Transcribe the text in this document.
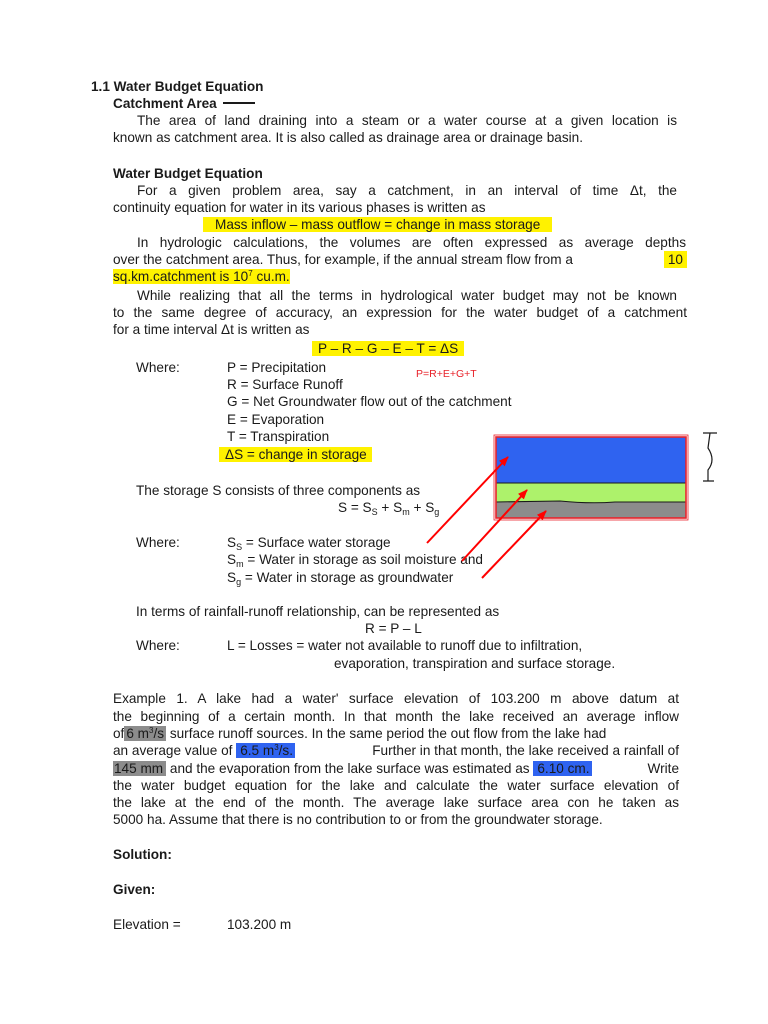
1.1 Water Budget Equation
Catchment Area
The area of land draining into a steam or a water course at a given location is
known as catchment area. It is also called as drainage area or drainage basin.
Water Budget Equation
For a given problem area, say a catchment, in an interval of time Δt, the
continuity equation for water in its various phases is written as
Mass inflow – mass outflow = change in mass storage
In hydrologic calculations, the volumes are often expressed as average depths
over the catchment area. Thus, for example, if the annual stream flow from a	10
sq.km.catchment is $10^7$ cu.m.
While realizing that all the terms in hydrological water budget may not be known
to the same degree of accuracy, an expression for the water budget of a catchment
for a time interval Δt is written as
P – R – G – E – T = ΔS
Where:	P = Precipitation	P=R+E+G+T
R = Surface Runoff
G = Net Groundwater flow out of the catchment
E = Evaporation
T = Transpiration
ΔS = change in storage
The storage S consists of three components as
$S = S_S + S_m + S_g$
Where:	$S_S$ = Surface water storage
$S_m$ = Water in storage as soil moisture and
$S_g$ = Water in storage as groundwater
In terms of rainfall-runoff relationship, can be represented as
R = P – L
Where:	L = Losses = water not available to runoff due to infiltration,
evaporation, transpiration and surface storage.
Example 1. A lake had a water' surface elevation of 103.200 m above datum at
the beginning of a certain month. In that month the lake received an average inflow
of 6 $m^3/s$ surface runoff sources. In the same period the out flow from the lake had
an average value of 6.5 $m^3/s$.	Further in that month, the lake received a rainfall of
145 mm and the evaporation from the lake surface was estimated as 6.10 cm.	Write
the water budget equation for the lake and calculate the water surface elevation of
the lake at the end of the month. The average lake surface area con he taken as
5000 ha. Assume that there is no contribution to or from the groundwater storage.
Solution:
Given:
Elevation =	103.200 m
